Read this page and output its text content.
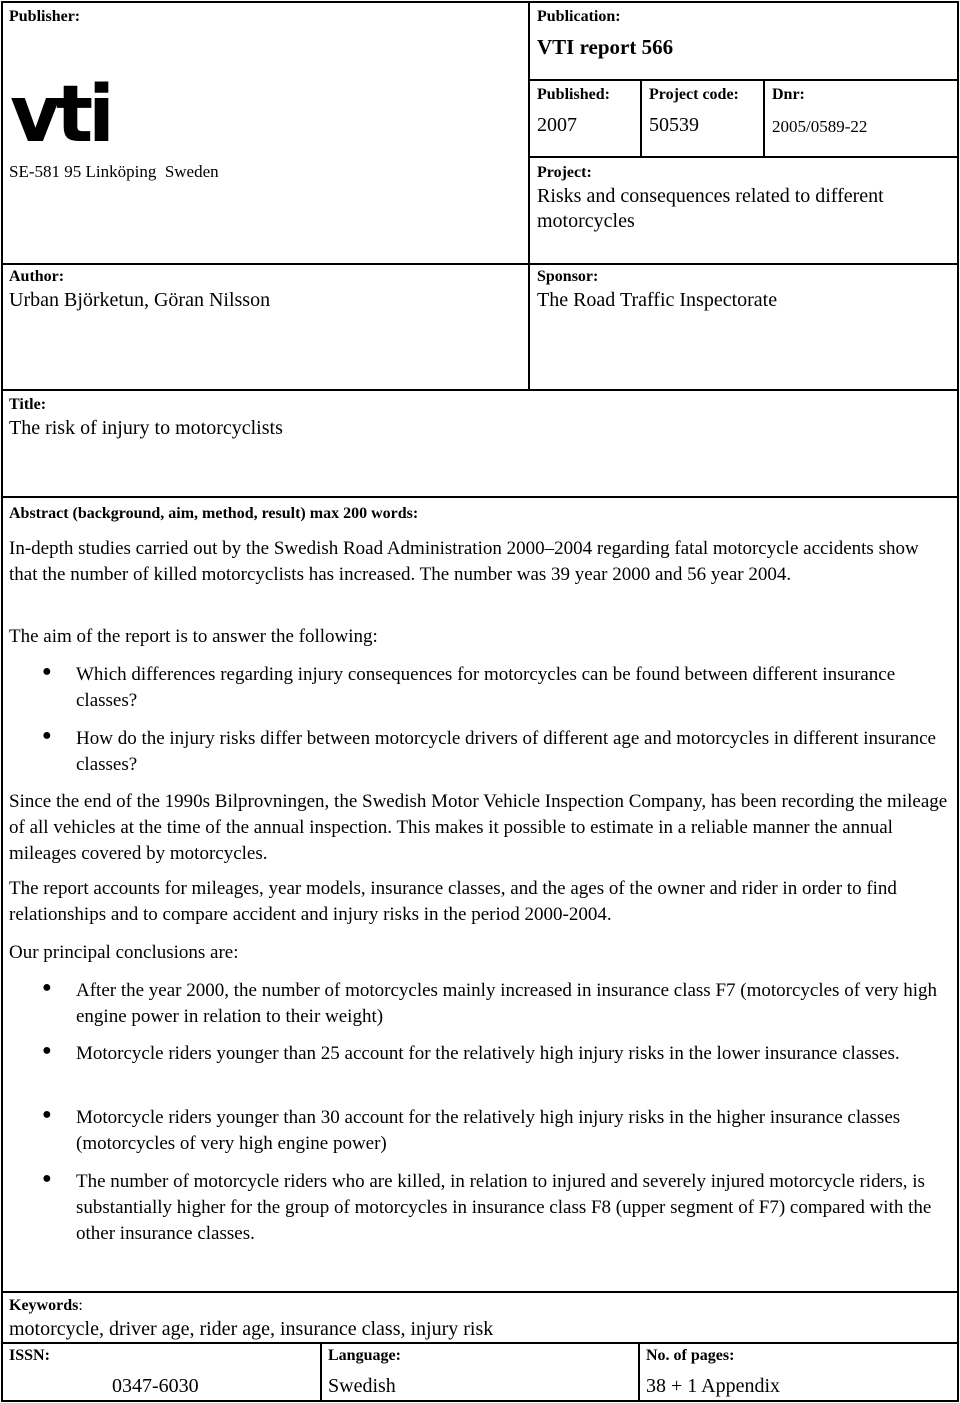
Publisher:
vti
SE-581 95 Linköping  Sweden
Publication:
VTI report 566
Published:
2007
Project code:
50539
Dnr:
2005/0589-22
Project:
Risks and consequences related to different
motorcycles
Author:
Urban Björketun, Göran Nilsson
Sponsor:
The Road Traffic Inspectorate
Title:
The risk of injury to motorcyclists
Abstract (background, aim, method, result) max 200 words:
In-depth studies carried out by the Swedish Road Administration 2000–2004 regarding fatal motorcycle accidents show that the number of killed motorcyclists has increased. The number was 39 year 2000 and 56 year 2004.
The aim of the report is to answer the following:
● Which differences regarding injury consequences for motorcycles can be found between different insurance classes?
● How do the injury risks differ between motorcycle drivers of different age and motorcycles in different insurance classes?
Since the end of the 1990s Bilprovningen, the Swedish Motor Vehicle Inspection Company, has been recording the mileage of all vehicles at the time of the annual inspection. This makes it possible to estimate in a reliable manner the annual mileages covered by motorcycles.
The report accounts for mileages, year models, insurance classes, and the ages of the owner and rider in order to find relationships and to compare accident and injury risks in the period 2000-2004.
Our principal conclusions are:
● After the year 2000, the number of motorcycles mainly increased in insurance class F7 (motorcycles of very high engine power in relation to their weight)
● Motorcycle riders younger than 25 account for the relatively high injury risks in the lower insurance classes.
● Motorcycle riders younger than 30 account for the relatively high injury risks in the higher insurance classes (motorcycles of very high engine power)
● The number of motorcycle riders who are killed, in relation to injured and severely injured motorcycle riders, is substantially higher for the group of motorcycles in insurance class F8 (upper segment of F7) compared with the other insurance classes.
Keywords:
motorcycle, driver age, rider age, insurance class, injury risk
ISSN:
0347-6030
Language:
Swedish
No. of pages:
38 + 1 Appendix
